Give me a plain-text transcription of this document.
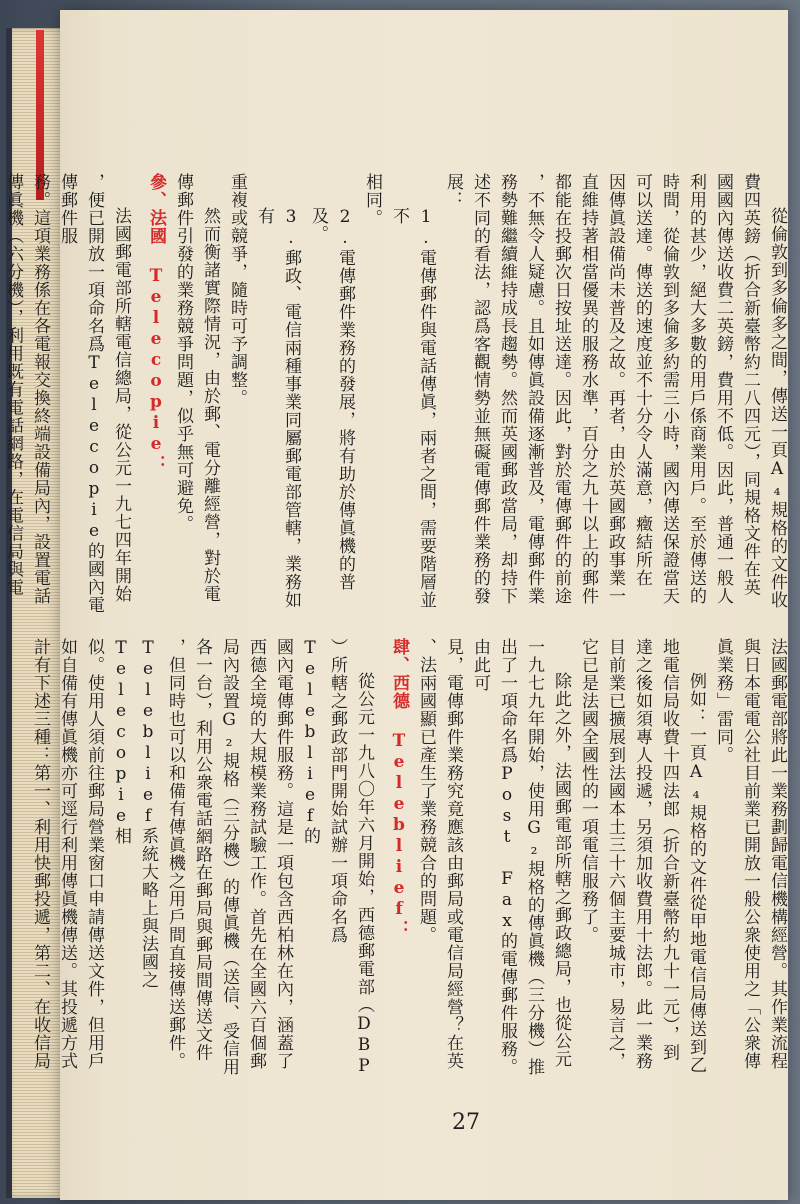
從倫敦到多倫多之間，傳送一頁A₄規格的文件收

費四英鎊（折合新臺幣約二八四元），同規格文件在英

國國內傳送收費二英鎊，費用不低。因此，普通一般人

利用的甚少，絕大多數的用戶係商業用戶。至於傳送的

時間，從倫敦到多倫多約需三小時，國內傳送保證當天

可以送達。傳送的速度並不十分令人滿意，癥結所在

因傳眞設備尚未普及之故。再者，由於英國郵政事業一

直維持著相當優異的服務水準，百分之九十以上的郵件

都能在投郵次日按址送達。因此，對於電傳郵件的前途

，不無令人疑慮。且如傳眞設備逐漸普及，電傳郵件業

務勢難繼續維持成長趨勢。然而英國郵政當局，却持下

述不同的看法，認爲客觀情勢並無礙電傳郵件業務的發

展：

1.電傳郵件與電話傳眞，兩者之間，需要階層並不

相同。

2.電傳郵件業務的發展，將有助於傳眞機的普及。

3.郵政、電信兩種事業同屬郵電部管轄，業務如有

重複或競爭，隨時可予調整。

然而衡諸實際情況，由於郵、電分離經營，對於電

傳郵件引發的業務競爭問題，似乎無可避免。

參、法國 Telecopie：

法國郵電部所轄電信總局，從公元一九七四年開始

，便已開放一項命名爲Telecopie的國內電傳郵件服

務。這項業務係在各電報交換終端設備局內，設置電話

傳眞機（六分機），利用既有電話網路，在電信局與電

法國郵電部將此一業務劃歸電信機構經營。其作業流程

與日本電電公社目前業已開放一般公衆使用之「公衆傳

眞業務」雷同。

例如：一頁A₄規格的文件從甲地電信局傳送到乙

地電信局收費十四法郎（折合新臺幣約九十一元），到

達之後如須專人投遞，另須加收費用十法郎。此一業務

目前業已擴展到法國本土三十六個主要城市，易言之，

它已是法國全國性的一項電信服務了。

除此之外，法國郵電部所轄之郵政總局，也從公元

一九七九年開始，使用G₂規格的傳眞機（三分機）推

出了一項命名爲Post Fax的電傳郵件服務。由此可

見，電傳郵件業務究竟應該由郵局或電信局經營？在英

、法兩國顯已產生了業務競合的問題。

肆、西德 Teleblief：

從公元一九八〇年六月開始，西德郵電部（DBP

）所轄之郵政部門開始試辦一項命名爲Teleblief的

國內電傳郵件服務。這是一項包含西柏林在內，涵蓋了

西德全境的大規模業務試驗工作。首先在全國六百個郵

局內設置G₂規格（三分機）的傳眞機（送信、受信用

各一台），利用公衆電話網路在郵局與郵局間傳送文件

，但同時也可以和備有傳眞機之用戶間直接傳送郵件。

Teleblief系統大略上與法國之Telecopie相

似。使用人須前往郵局營業窗口申請傳送文件，但用戶

如自備有傳眞機亦可逕行利用傳眞機傳送。其投遞方式

計有下述三種：第一、利用快郵投遞，第二、在收信局

27
